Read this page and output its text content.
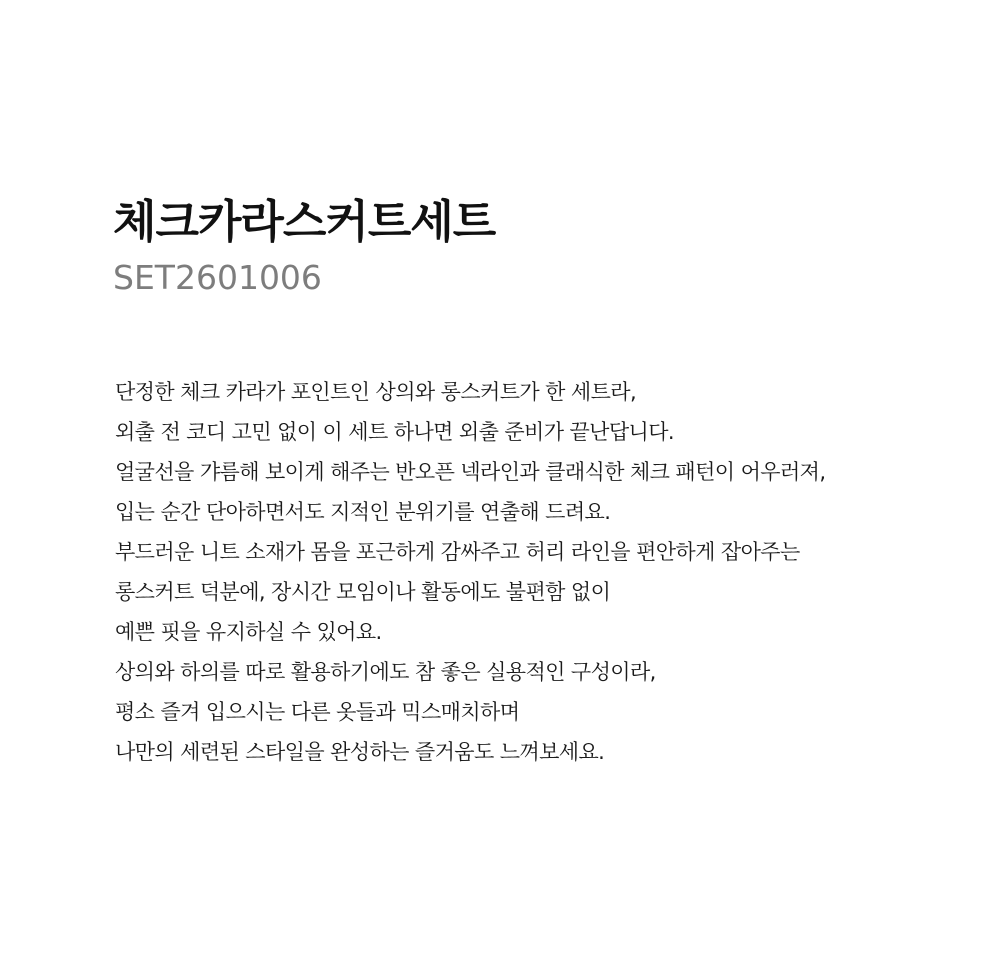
체크카라스커트세트

SET2601006

단정한 체크 카라가 포인트인 상의와 롱스커트가 한 세트라,

외출 전 코디 고민 없이 이 세트 하나면 외출 준비가 끝난답니다.

얼굴선을 갸름해 보이게 해주는 반오픈 넥라인과 클래식한 체크 패턴이 어우러져,

입는 순간 단아하면서도 지적인 분위기를 연출해 드려요.

부드러운 니트 소재가 몸을 포근하게 감싸주고 허리 라인을 편안하게 잡아주는

롱스커트 덕분에, 장시간 모임이나 활동에도 불편함 없이

예쁜 핏을 유지하실 수 있어요.

상의와 하의를 따로 활용하기에도 참 좋은 실용적인 구성이라,

평소 즐겨 입으시는 다른 옷들과 믹스매치하며

나만의 세련된 스타일을 완성하는 즐거움도 느껴보세요.
